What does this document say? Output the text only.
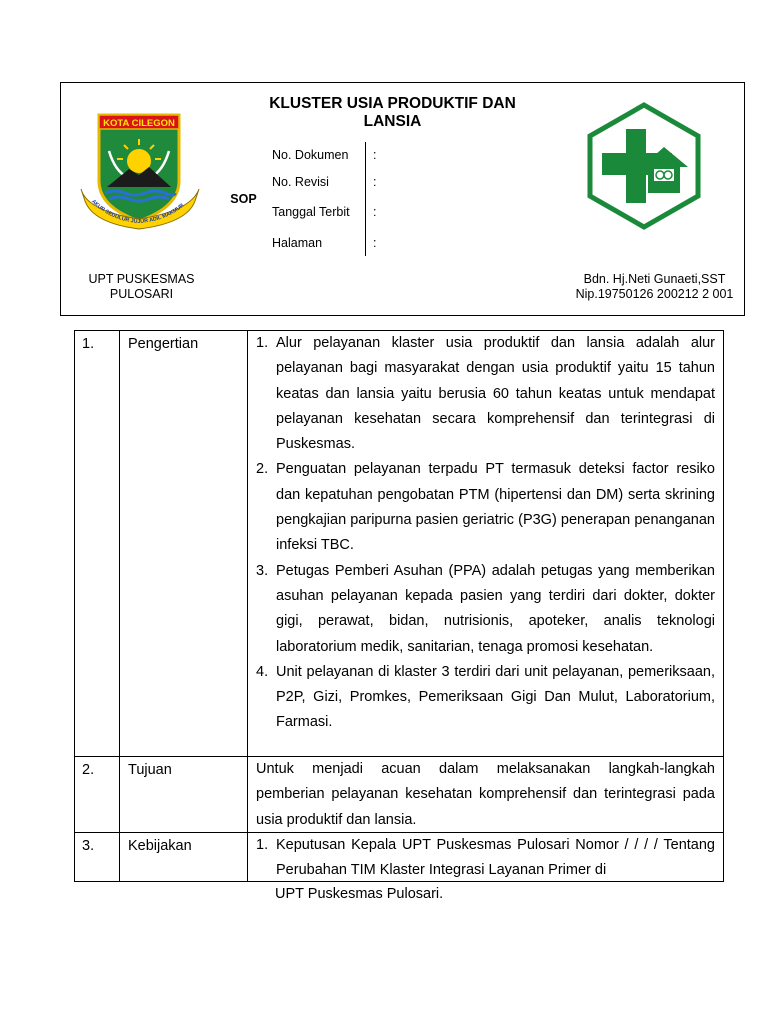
KOTA CILEGON
AKUR SEDULUR JUJUR ADIL MAKMUR
KLUSTER USIA PRODUKTIF DAN LANSIA
SOP
No. Dokumen	:
No. Revisi	:
Tanggal Terbit	:
Halaman	:
UPT PUSKESMAS PULOSARI
Bdn. Hj.Neti Gunaeti,SST
Nip.19750126 200212 2 001
1.	Pengertian	1. Alur pelayanan klaster usia produktif dan lansia adalah alur pelayanan bagi masyarakat dengan usia produktif yaitu 15 tahun keatas dan lansia yaitu berusia 60 tahun keatas untuk mendapat pelayanan kesehatan secara komprehensif dan terintegrasi di Puskesmas.
2. Penguatan pelayanan terpadu PT termasuk deteksi factor resiko dan kepatuhan pengobatan PTM (hipertensi dan DM) serta skrining pengkajian paripurna pasien geriatric (P3G) penerapan penanganan infeksi TBC.
3. Petugas Pemberi Asuhan (PPA) adalah petugas yang memberikan asuhan pelayanan kepada pasien yang terdiri dari dokter, dokter gigi, perawat, bidan, nutrisionis, apoteker, analis teknologi laboratorium medik, sanitarian, tenaga promosi kesehatan.
4. Unit pelayanan di klaster 3 terdiri dari unit pelayanan, pemeriksaan, P2P, Gizi, Promkes, Pemeriksaan Gigi Dan Mulut, Laboratorium, Farmasi.
2.	Tujuan	Untuk menjadi acuan dalam melaksanakan langkah-langkah pemberian pelayanan kesehatan komprehensif dan terintegrasi pada usia produktif dan lansia.

3.	Kebijakan	1. Keputusan Kepala UPT Puskesmas Pulosari Nomor / / / / Tentang Perubahan TIM Klaster Integrasi Layanan Primer di
UPT Puskesmas Pulosari.
